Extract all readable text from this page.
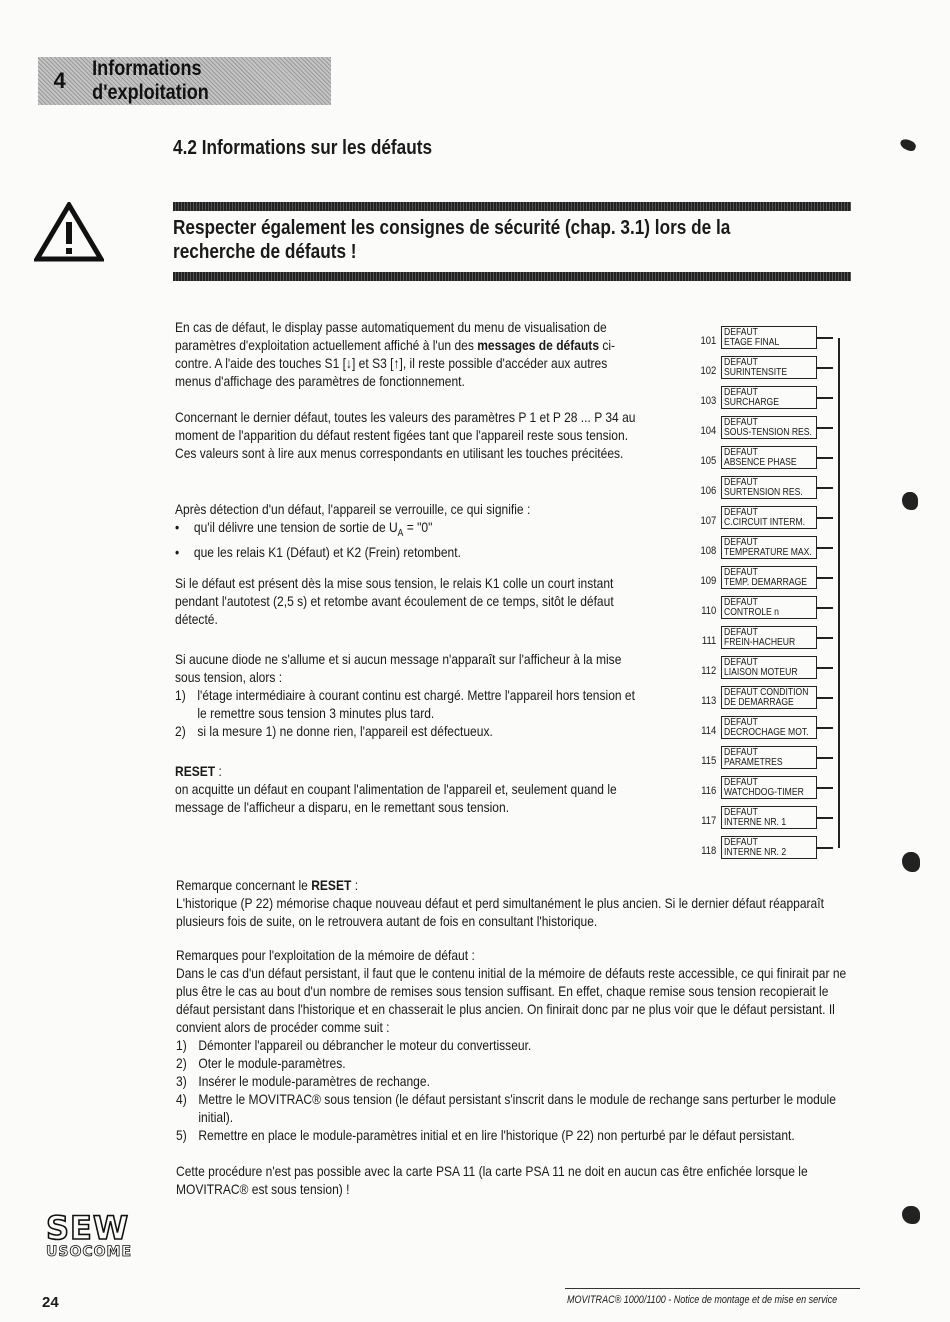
4	Informations d'exploitation
4.2 Informations sur les défauts
Respecter également les consignes de sécurité (chap. 3.1) lors de la recherche de défauts !
En cas de défaut, le display passe automatiquement du menu de visualisation de paramètres d'exploitation actuellement affiché à l'un des messages de défauts ci-contre. A l'aide des touches S1 [↓] et S3 [↑], il reste possible d'accéder aux autres menus d'affichage des paramètres de fonctionnement.
Concernant le dernier défaut, toutes les valeurs des paramètres P 1 et P 28 ... P 34 au moment de l'apparition du défaut restent figées tant que l'appareil reste sous tension. Ces valeurs sont à lire aux menus correspondants en utilisant les touches précitées.
Après détection d'un défaut, l'appareil se verrouille, ce qui signifie :
• qu'il délivre une tension de sortie de $U_A$ = "0"
• que les relais K1 (Défaut) et K2 (Frein) retombent.
Si le défaut est présent dès la mise sous tension, le relais K1 colle un court instant pendant l'autotest (2,5 s) et retombe avant écoulement de ce temps, sitôt le défaut détecté.
Si aucune diode ne s'allume et si aucun message n'apparaît sur l'afficheur à la mise sous tension, alors :
1) l'étage intermédiaire à courant continu est chargé. Mettre l'appareil hors tension et le remettre sous tension 3 minutes plus tard.
2) si la mesure 1) ne donne rien, l'appareil est défectueux.
RESET :
on acquitte un défaut en coupant l'alimentation de l'appareil et, seulement quand le message de l'afficheur a disparu, en le remettant sous tension.
101
DEFAUT
ETAGE FINAL
102
DEFAUT
SURINTENSITE
103
DEFAUT
SURCHARGE
104
DEFAUT
SOUS-TENSION RES.
105
DEFAUT
ABSENCE PHASE
106
DEFAUT
SURTENSION RES.
107
DEFAUT
C.CIRCUIT INTERM.
108
DEFAUT
TEMPERATURE MAX.
109
DEFAUT
TEMP. DEMARRAGE
110
DEFAUT
CONTROLE n
111
DEFAUT
FREIN-HACHEUR
112
DEFAUT
LIAISON MOTEUR
113
DEFAUT CONDITION
DE DEMARRAGE
114
DEFAUT
DECROCHAGE MOT.
115
DEFAUT
PARAMETRES
116
DEFAUT
WATCHDOG-TIMER
117
DEFAUT
INTERNE NR. 1
118
DEFAUT
INTERNE NR. 2
Remarque concernant le RESET :
L'historique (P 22) mémorise chaque nouveau défaut et perd simultanément le plus ancien. Si le dernier défaut réapparaît plusieurs fois de suite, on le retrouvera autant de fois en consultant l'historique.
Remarques pour l'exploitation de la mémoire de défaut :
Dans le cas d'un défaut persistant, il faut que le contenu initial de la mémoire de défauts reste accessible, ce qui finirait par ne plus être le cas au bout d'un nombre de remises sous tension suffisant. En effet, chaque remise sous tension recopierait le défaut persistant dans l'historique et en chasserait le plus ancien. On finirait donc par ne plus voir que le défaut persistant. Il convient alors de procéder comme suit :
1) Démonter l'appareil ou débrancher le moteur du convertisseur.
2) Oter le module-paramètres.
3) Insérer le module-paramètres de rechange.
4) Mettre le MOVITRAC® sous tension (le défaut persistant s'inscrit dans le module de rechange sans perturber le module initial).
5) Remettre en place le module-paramètres initial et en lire l'historique (P 22) non perturbé par le défaut persistant.
Cette procédure n'est pas possible avec la carte PSA 11 (la carte PSA 11 ne doit en aucun cas être enfichée lorsque le MOVITRAC® est sous tension) !
SEW
USOCOME
24	MOVITRAC® 1000/1100 - Notice de montage et de mise en service
